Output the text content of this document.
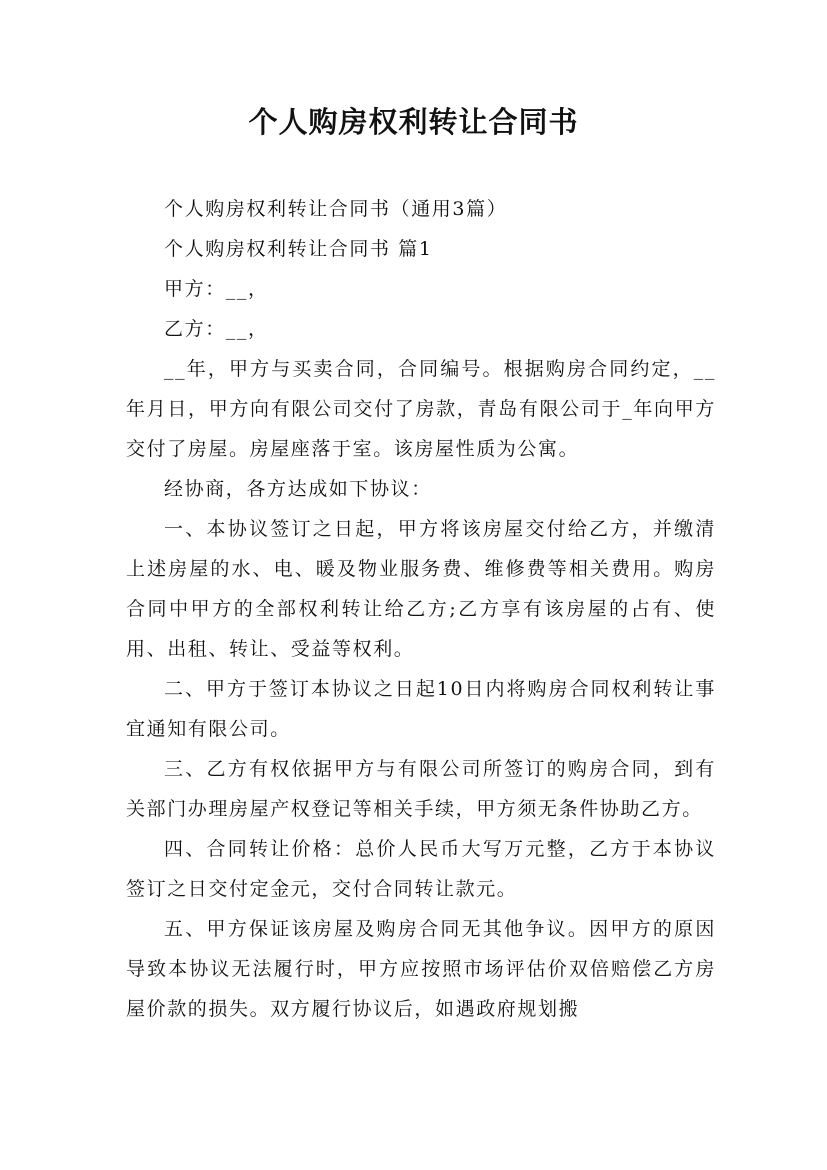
个人购房权利转让合同书

个人购房权利转让合同书（通用3篇）

个人购房权利转让合同书 篇1

甲方：__，

乙方：__，

__年，甲方与买卖合同，合同编号。根据购房合同约定，__年月日，甲方向有限公司交付了房款，青岛有限公司于_年向甲方交付了房屋。房屋座落于室。该房屋性质为公寓。

经协商，各方达成如下协议：

一、本协议签订之日起，甲方将该房屋交付给乙方，并缴清上述房屋的水、电、暖及物业服务费、维修费等相关费用。购房合同中甲方的全部权利转让给乙方;乙方享有该房屋的占有、使用、出租、转让、受益等权利。

二、甲方于签订本协议之日起10日内将购房合同权利转让事宜通知有限公司。

三、乙方有权依据甲方与有限公司所签订的购房合同，到有关部门办理房屋产权登记等相关手续，甲方须无条件协助乙方。

四、合同转让价格：总价人民币大写万元整，乙方于本协议签订之日交付定金元，交付合同转让款元。

五、甲方保证该房屋及购房合同无其他争议。因甲方的原因导致本协议无法履行时，甲方应按照市场评估价双倍赔偿乙方房屋价款的损失。双方履行协议后，如遇政府规划搬
